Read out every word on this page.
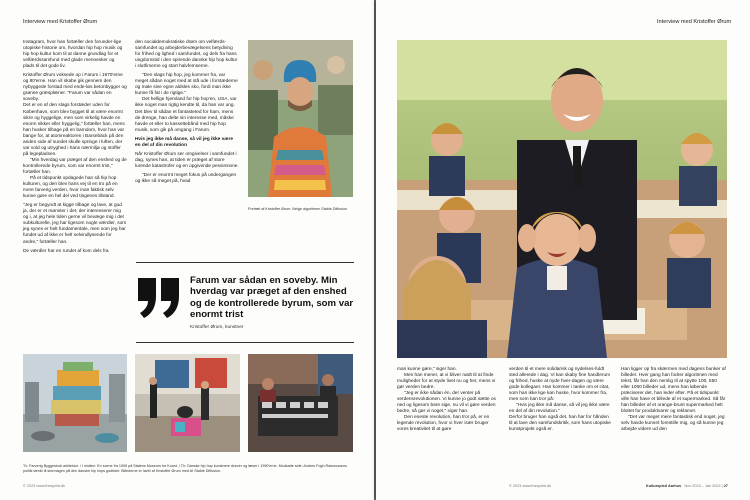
Interview med Kristoffer Ørum

Instagram, hvor han fortæller den forunder-lige utopiske historie om, hvordan hip hop musik og hip hop kultur kom til at danne grundlag for et velfærdssamfund med glade mennesker og plads til det gode liv.

Kristoffer Ørum voksede op i Farum i 1970'erne og 80'erne. Han vil skabe gik gennem den nybyggede forstad med ende-løs betonbygger og grønne græsplæner. "Farum var sådan en soveby.

Det er en af den slags forstæder uden for København, som blev bygget til at være enormt sikre og hyggelige, men som virkelig havde en enorm sikker eller hyggelig," fortæller han, mens han husker tilbage på en barndom, hvor han var bange for, at atomreaktoren i Barsebäck på den anden side af sundet skulle springe i luften, der var vold og utryghed i hans nærmiljø og stoffer på legepladsen.

"Min hverdag var præget af den enshed og de kontrollerede byrum, som var enormt trist," fortæller han.

På et tidspunkt opdagede han så hip hop kulturen, og den blev hans vej til en tro på en mere farverig verden, hvor man faktisk selv kunne gøre en hel del ved tingenes tilstand.

"Jeg er begyndt at kigge tilbage og lave, at gud ja, der er et mønster i det, der interesserer mig og i, at jeg hele tiden gerne vil bevæge mig i det subkulturelle, jeg har ligesom nogle værdier, som jeg synes er helt fundamentale, men som jeg har fundet ud af ikke er helt selvindlysende for andre," fortæller han.

De værdier har en rundet af kom dels fra

den socialdemokratiske drøm om velfærds-samfundet og arbejderbevægelsens betydning for frihed og lighed i samfundet, og dels fra hans ungdomstid i den spirende danske hip hop kultur i slutfirserne og start halvfemserne.

"Den slags hip hop, jeg kommer fra, var meget sådan noget med at stå ude i forstæderne og male sine egne aldsles sko, fordi man ikke kunne få fat i de rigtige."

Det hellige hjemland for hip hop'en, USA, var ikke noget man rigtig kendte til, da han var ung. Det blev til sådan et fantasteted for ham, mens de drenge, han delte sin interesse med, måske havde et eller to kassettebånd med hip hop musik, som gik på omgang i Farum.

Hvis jeg ikke må danse, så vil jeg ikke være en del af din revolution

Når Kristoffer Ørum ser omgivelser i samfundet i dag, synes han, at tiden er præget af store lurende katastrofer og en opgivende pessimisme.

"Der er enormt meget fokus på undergangen og ikke så meget på, hvad

Portræt af Kristoffer Ørum. Nelge algoritmen Stable Diffusion
Farum var sådan en soveby. Min hverdag var præget af den enshed og de kontrollerede byrum, som var enormt trist
Kristoffer Ørum, kunstner
Tv: Farverig Byggeskub arkitektur. / I midten: En scene fra 1995 på Statens Museum for Kunst. / Th: Danske hip hop kunstnere dvever og læser i 1990'erne. Modsatte side: Anders Fogh Rasmussens politik tænkt til stormagen på den danske hip hops godtider. Billederne er lavet af Kristoffer Ørum med AI Stable Diffusion.
© 2023 www.thesprint.dk
Interview med Kristoffer Ørum

man kunne gøre," siger han.

Men han mener, at vi bliver nødt til at finde muligheder for at styde livet nu og her, mens vi gør verden bedre.

"Jeg er ikke sådan én, der venter på verdensrevolutionen. Vi kunne jo godt sætte os ned og ligesom bare sige, nu vil vi gøre verden bedre, så gør vi noget." siger han.

Den eneste revolution, han tror på, er en legende revolution, hvor vi hver især bruger vores kreativitet til at gøre

verden til et mere solidarisk og nydelses-fuldt sted allerede i dag. Vi kan skaby fine handlerum og frihed, huske at nyde hver-dagen og være gode kollegaer. Han kommer i tanke om et citat, som han ikke lige kan huske, hvor kommer fra, men som han tror på:

"Hvis jeg ikke må danse, så vil jeg ikke være en del af din revolution."

Derfor bruger han også det, han har for hånden til at lave den samfundskritik, som hans utopiske kunstprojekt også er.

Han ligger op fra skærmen med dagens bunker af billeder. Hver gang han fodrer algoritmen med tekst, får han den nemlig til at spytte 100, 550 eller 1000 billeder ud, mens han løbende præciserer det, han leder efter. På et tidspunkt ville han have et billede af et supermarked. Så får han billeder af et orange-brunt supermarked helt blottet for produktvarer og reklamer.

"Det var meget mere fantastisk end noget, jeg selv havde kunnet forestille mig, og så kunne jeg arbejde videre ud den

© 2023 www.thesprint.dk	Kulturspied Aarhus · Nov 2023 – Jan 2024 | 27
